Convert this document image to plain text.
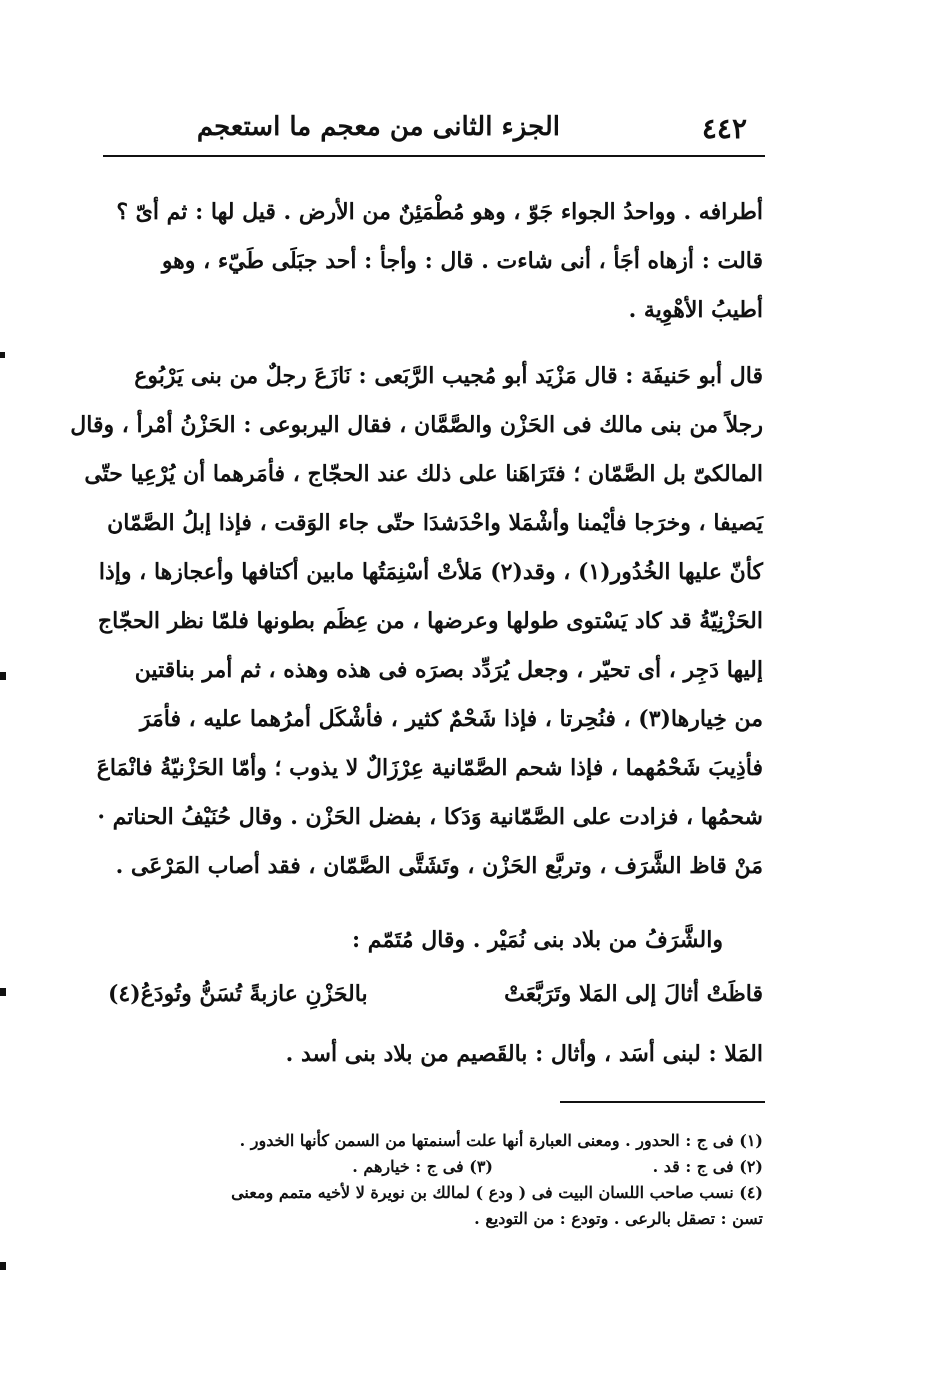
٤٤٢
الجزء الثانى من معجم ما استعجم
أطرافه . وواحدُ الجواء جَوّ ، وهو مُطْمَئِنٌ من الأرض . قيل لها : ثم أىّ ؟
قالت : أزهاه أجَأ ، أنى شاءت . قال : وأجأ : أحد جبَلَى طَيّء ، وهو
أطيبُ الأهْوِية .
قال أبو حَنيفَة : قال مَزْيَد أبو مُجيب الرَّبَعى : نَازَعَ رجلٌ من بنى يَرْبُوع
رجلاً من بنى مالك فى الحَزْن والصَّمَّان ، فقال اليربوعى : الحَزْنُ أمْرأ ، وقال
المالكىّ بل الصَّمّان ؛ فتَرَاهَنا على ذلك عند الحجّاج ، فأمَرهما أن يُرْعِيا حتّى
يَصيفا ، وخرَجا فأيْمنا وأشْمَلا واحْدَشدَا حتّى جاء الوَقت ، فإذا إبلُ الصَّمّان
كأنّ عليها الخُدُور(١) ، وقد(٢) مَلأتْ أسْنِمَتُها مابين أكتافها وأعجازها ، وإذا
الحَزْنِيّةُ قد كاد يَسْتوى طولها وعرضها ، من عِظَم بطونها فلمّا نظر الحجّاج
إليها دَجِر ، أى تحيّر ، وجعل يُرَدِّد بصرَه فى هذه وهذه ، ثم أمر بناقتين
من خِيارها(٣) ، فنُحِرتا ، فإذا شَحْمٌ كثير ، فأشْكَل أمرُهما عليه ، فأمَرَ
فأذِيبَ شَحْمُهما ، فإذا شحم الصَّمّانية عِرْزَالٌ لا يذوب ؛ وأمّا الحَزْنيّةُ فانْمَاعَ
شحمُها ، فزادت على الصَّمّانية وَدَكا ، بفضل الحَزْن . وقال حُنَيْفُ الحناتم ·
مَنْ قاظ الشَّرَف ، وتربَّع الحَزْن ، وتَشَتَّى الصَّمّان ، فقد أصاب المَرْعَى .
والشَّرَفُ من بلاد بنى نُمَيْر . وقال مُتَمّم :
قاظَتْ أثالَ إلى المَلا وتَرَبَّعَتْ
بالحَزْنِ عازبةً تُسَنُّ وتُودَعُ(٤)
المَلا : لبنى أسَد ، وأثال : بالقَصيم من بلاد بنى أسد .
(١) فى ج : الحدور . ومعنى العبارة أنها علت أسنمتها من السمن كأنها الخدور .
(٢) فى ج : قد .
(٣) فى ج : خيارهم .
(٤) نسب صاحب اللسان البيت فى ( ودع ) لمالك بن نويرة لا لأخيه متمم ومعنى
تسن : تصقل بالرعى . وتودع : من التوديع .
